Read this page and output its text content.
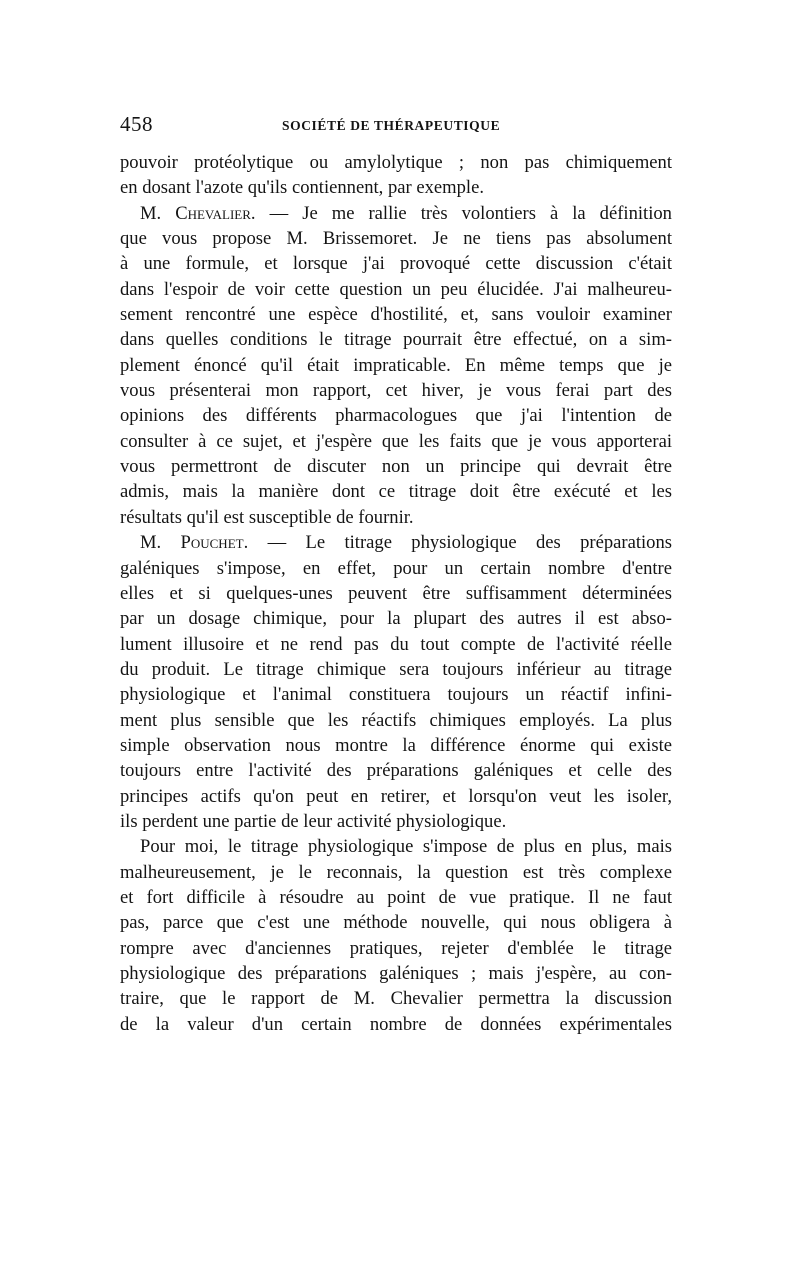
458	SOCIÉTÉ DE THÉRAPEUTIQUE
pouvoir protéolytique ou amylolytique ; non pas chimiquement
en dosant l'azote qu'ils contiennent, par exemple.
M. Chevalier. — Je me rallie très volontiers à la définition
que vous propose M. Brissemoret. Je ne tiens pas absolument
à une formule, et lorsque j'ai provoqué cette discussion c'était
dans l'espoir de voir cette question un peu élucidée. J'ai malheureu-
sement rencontré une espèce d'hostilité, et, sans vouloir examiner
dans quelles conditions le titrage pourrait être effectué, on a sim-
plement énoncé qu'il était impraticable. En même temps que je
vous présenterai mon rapport, cet hiver, je vous ferai part des
opinions des différents pharmacologues que j'ai l'intention de
consulter à ce sujet, et j'espère que les faits que je vous apporterai
vous permettront de discuter non un principe qui devrait être
admis, mais la manière dont ce titrage doit être exécuté et les
résultats qu'il est susceptible de fournir.
M. Pouchet. — Le titrage physiologique des préparations
galéniques s'impose, en effet, pour un certain nombre d'entre
elles et si quelques-unes peuvent être suffisamment déterminées
par un dosage chimique, pour la plupart des autres il est abso-
lument illusoire et ne rend pas du tout compte de l'activité réelle
du produit. Le titrage chimique sera toujours inférieur au titrage
physiologique et l'animal constituera toujours un réactif infini-
ment plus sensible que les réactifs chimiques employés. La plus
simple observation nous montre la différence énorme qui existe
toujours entre l'activité des préparations galéniques et celle des
principes actifs qu'on peut en retirer, et lorsqu'on veut les isoler,
ils perdent une partie de leur activité physiologique.
Pour moi, le titrage physiologique s'impose de plus en plus, mais
malheureusement, je le reconnais, la question est très complexe
et fort difficile à résoudre au point de vue pratique. Il ne faut
pas, parce que c'est une méthode nouvelle, qui nous obligera à
rompre avec d'anciennes pratiques, rejeter d'emblée le titrage
physiologique des préparations galéniques ; mais j'espère, au con-
traire, que le rapport de M. Chevalier permettra la discussion
de la valeur d'un certain nombre de données expérimentales
